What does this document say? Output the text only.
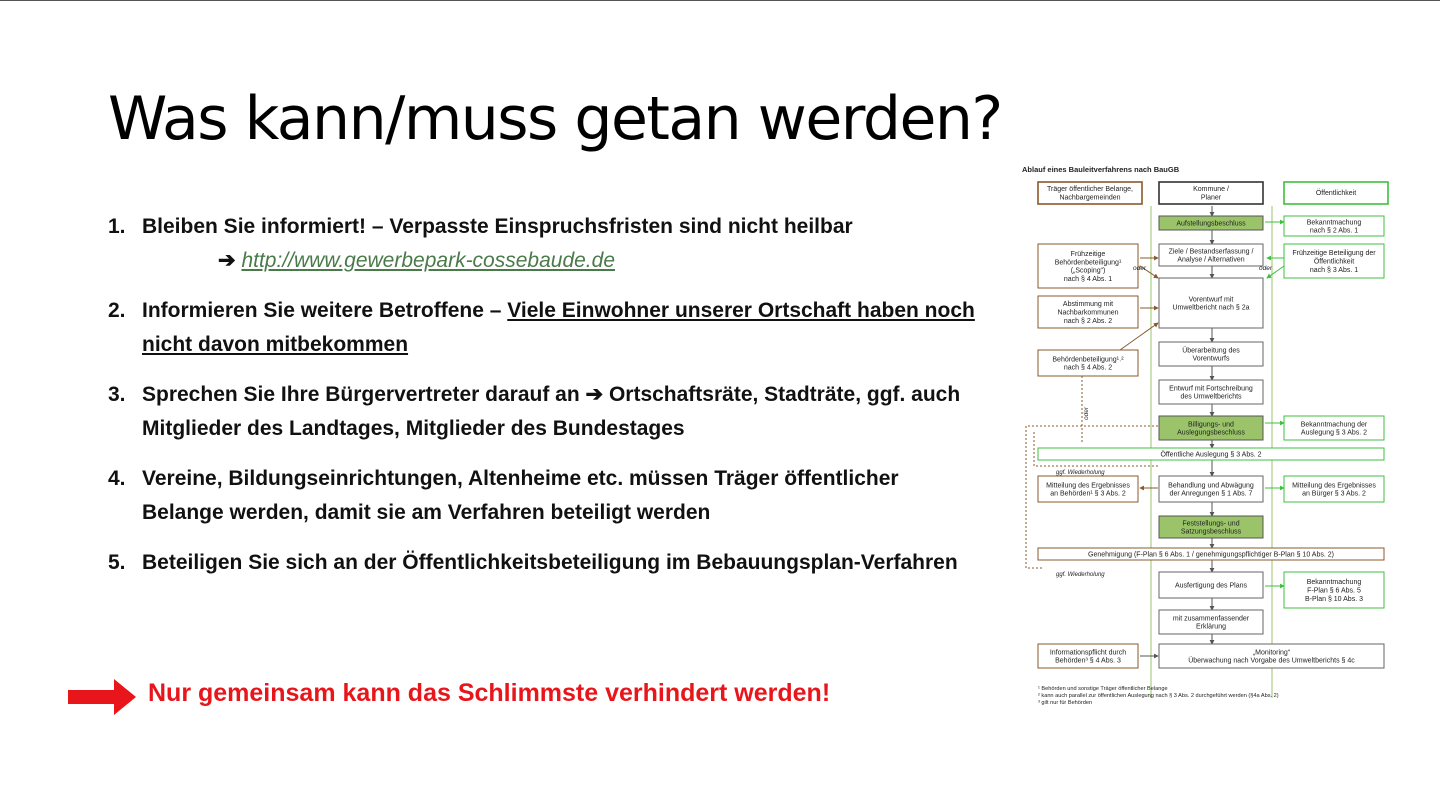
Was kann/muss getan werden?
1. Bleiben Sie informiert! – Verpasste Einspruchsfristen sind nicht heilbar
➔ http://www.gewerbepark-cossebaude.de
2. Informieren Sie weitere Betroffene – Viele Einwohner unserer Ortschaft haben noch nicht davon mitbekommen
3. Sprechen Sie Ihre Bürgervertreter darauf an ➔ Ortschaftsräte, Stadträte, ggf. auch Mitglieder des Landtages, Mitglieder des Bundestages
4. Vereine, Bildungseinrichtungen, Altenheime etc. müssen Träger öffentlicher Belange werden, damit sie am Verfahren beteiligt werden
5. Beteiligen Sie sich an der Öffentlichkeitsbeteiligung im Bebauungsplan-Verfahren
Nur gemeinsam kann das Schlimmste verhindert werden!
Ablauf eines Bauleitverfahrens nach BauGB
Träger öffentlicher Belange, Nachbargemeinden
Kommune / Planer
Öffentlichkeit
Aufstellungsbeschluss	Bekanntmachung nach § 2 Abs. 1
Frühzeitige Behördenbeteiligung¹ („Scoping“) nach § 4 Abs. 1
Ziele / Bestandserfassung / Analyse / Alternativen
Frühzeitige Beteiligung der Öffentlichkeit nach § 3 Abs. 1
Vorentwurf mit Umweltbericht nach § 2a
Abstimmung mit Nachbarkommunen nach § 2 Abs. 2
Behördenbeteiligung¹˒² nach § 4 Abs. 2
Überarbeitung des Vorentwurfs
Entwurf mit Fortschreibung des Umweltberichts
Billigungs- und Auslegungsbeschluss
Bekanntmachung der Auslegung § 3 Abs. 2
Öffentliche Auslegung § 3 Abs. 2
Mitteilung des Ergebnisses an Behörden¹ § 3 Abs. 2
Behandlung und Abwägung der Anregungen § 1 Abs. 7
Mitteilung des Ergebnisses an Bürger § 3 Abs. 2
Feststellungs- und Satzungsbeschluss
Genehmigung (F-Plan § 6 Abs. 1 / genehmigungspflichtiger B-Plan § 10 Abs. 2)
Ausfertigung des Plans	Bekanntmachung F-Plan § 6 Abs. 5 B-Plan § 10 Abs. 3
mit zusammenfassender Erklärung
Informationspflicht durch Behörden³ § 4 Abs. 3
„Monitoring“ Überwachung nach Vorgabe des Umweltberichts § 4c
oder	oder
ggf. Wiederholung
ggf. Wiederholung
oder
¹ Behörden und sonstige Träger öffentlicher Belange ² kann auch parallel zur öffentlichen Auslegung nach § 3 Abs. 2 durchgeführt werden (§4a Abs. 2) ³ gilt nur für Behörden
